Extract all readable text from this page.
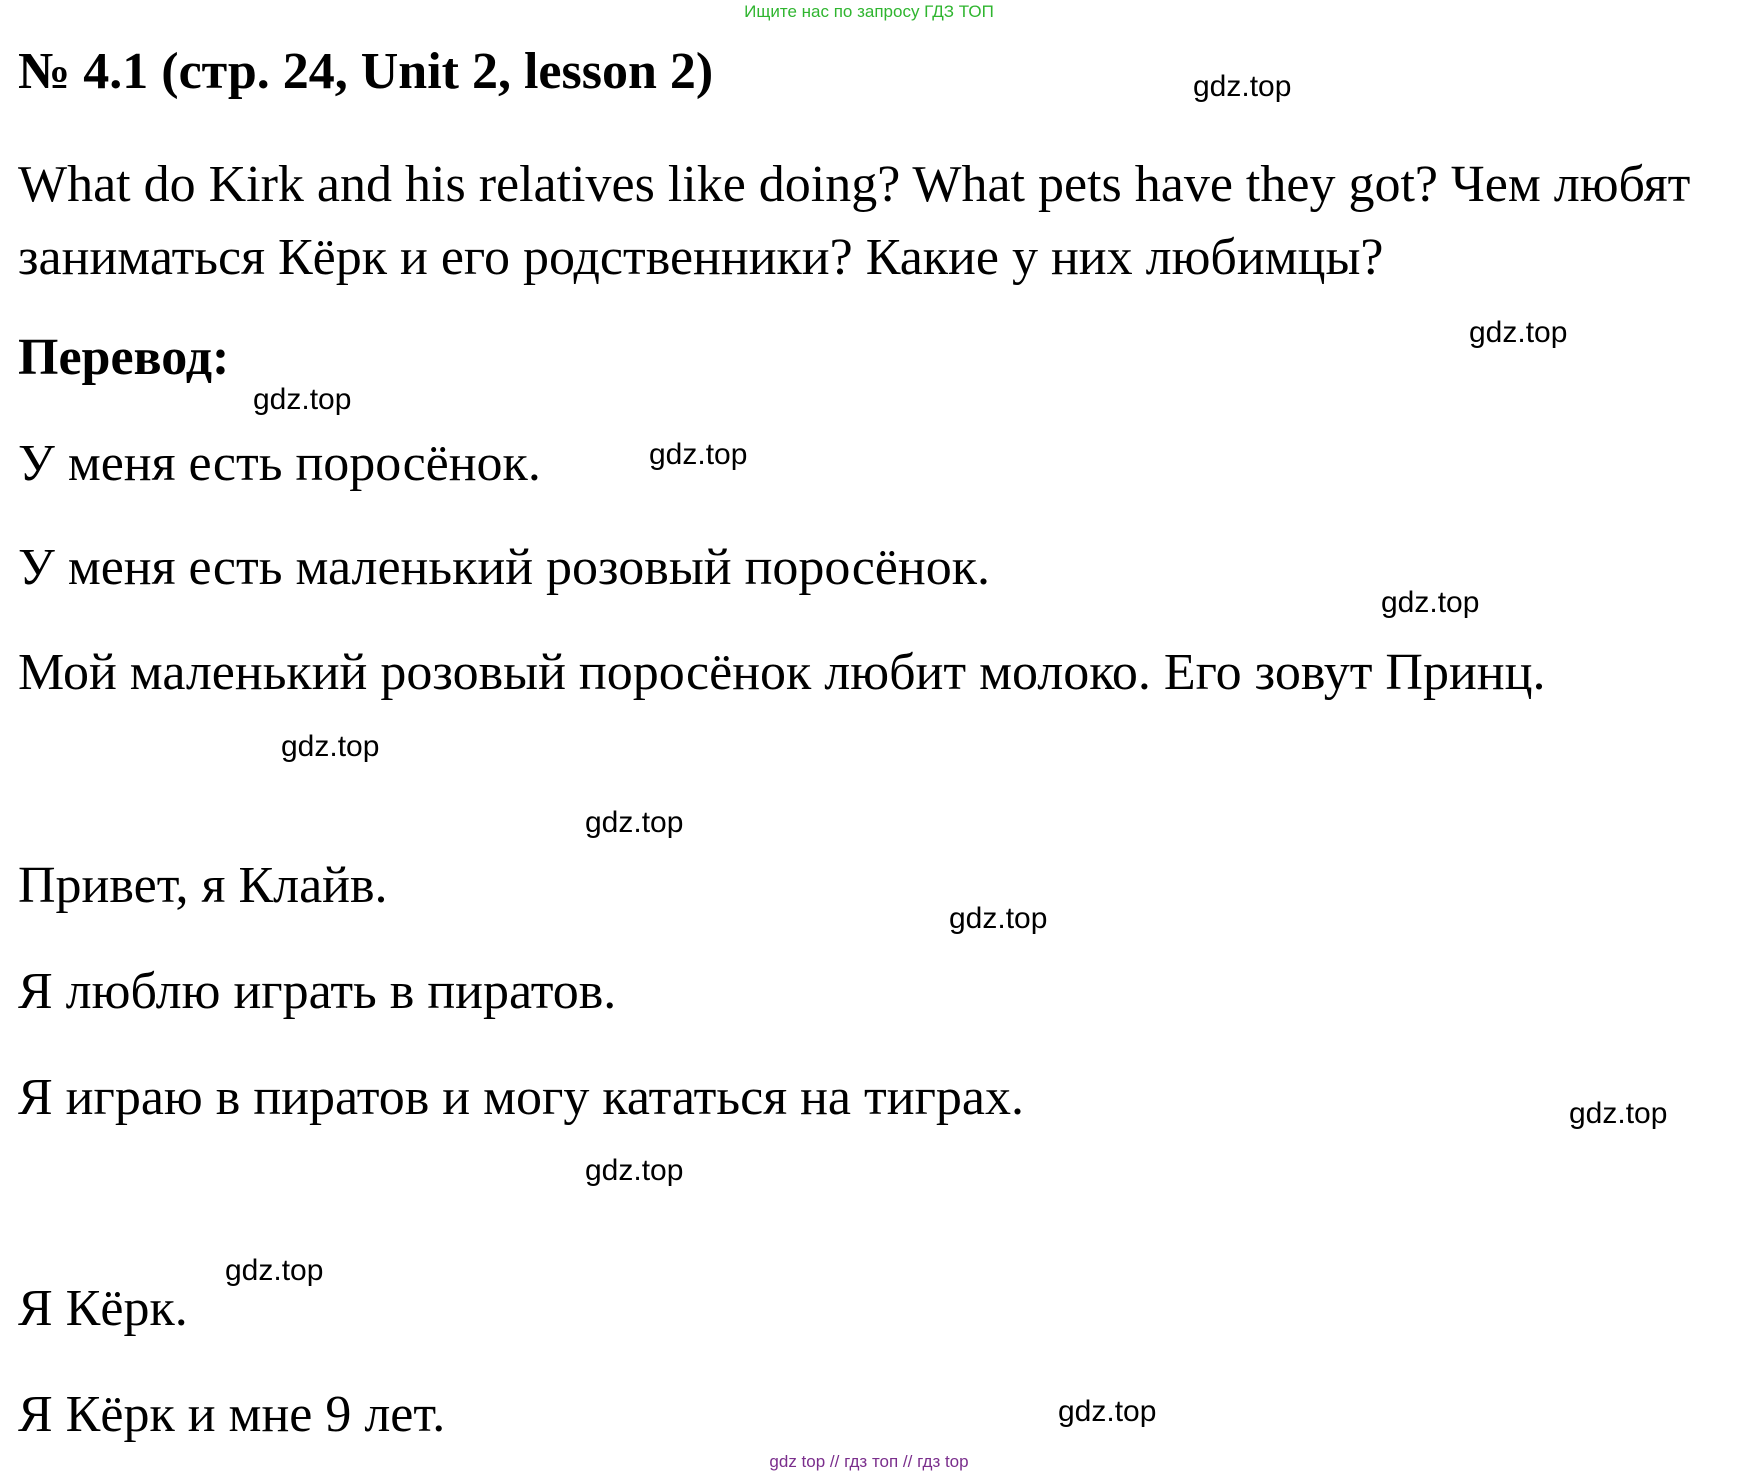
Ищите нас по запросу ГДЗ ТОП
№ 4.1 (стр. 24, Unit 2, lesson 2)

What do Kirk and his relatives like doing? What pets have they got? Чем любят заниматься Кёрк и его родственники? Какие у них любимцы?

Перевод:
У меня есть поросёнок.
У меня есть маленький розовый поросёнок.
Мой маленький розовый поросёнок любит молоко. Его зовут Принц.
Привет, я Клайв.
Я люблю играть в пиратов.
Я играю в пиратов и могу кататься на тиграх.
Я Кёрк.
Я Кёрк и мне 9 лет.
gdz.top
gdz.top
gdz.top
gdz.top
gdz.top
gdz.top
gdz.top
gdz.top
gdz.top
gdz.top
gdz.top
gdz.top
gdz top // гдз топ // гдз top
